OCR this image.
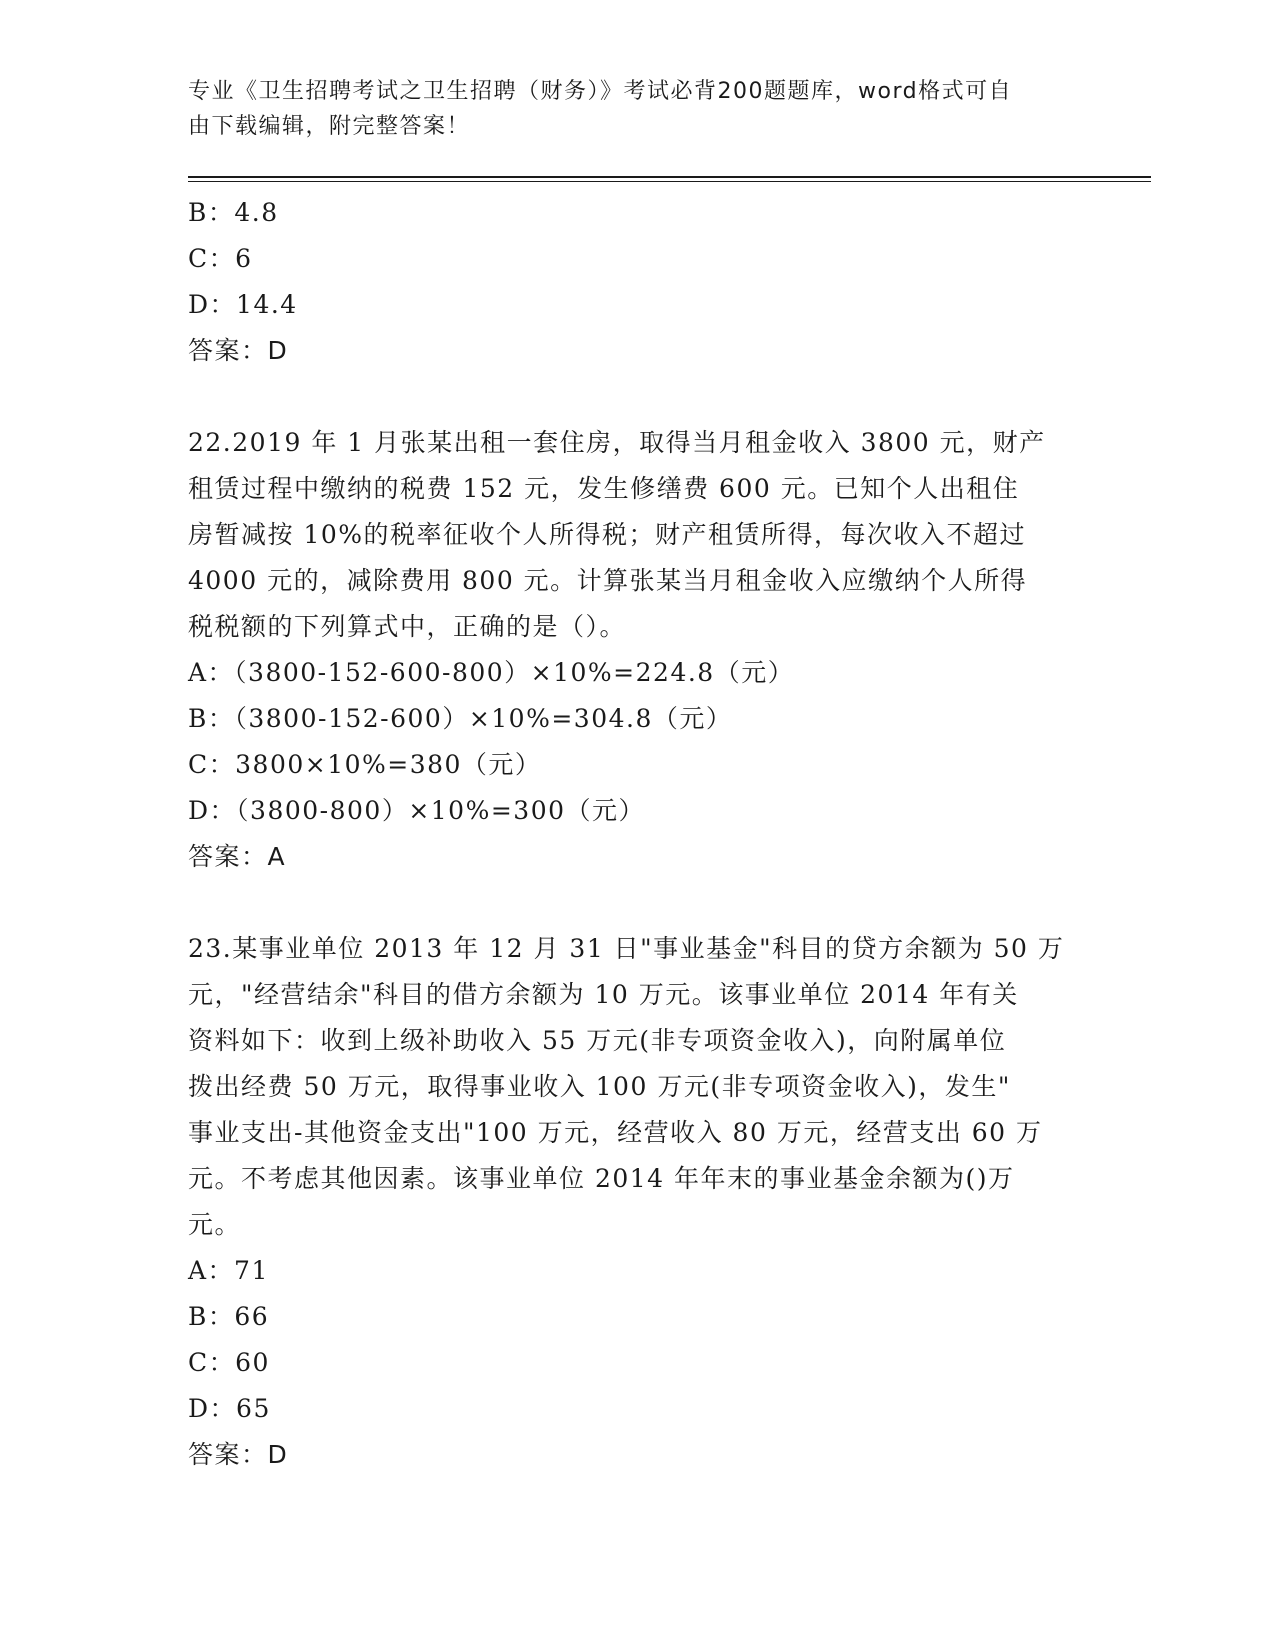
专业《卫生招聘考试之卫生招聘（财务）》考试必背200题题库，word格式可自
由下载编辑，附完整答案！
B：4.8
C：6
D：14.4
答案：D
22.2019 年 1 月张某出租一套住房，取得当月租金收入 3800 元，财产
租赁过程中缴纳的税费 152 元，发生修缮费 600 元。已知个人出租住
房暂减按 10%的税率征收个人所得税；财产租赁所得，每次收入不超过
4000 元的，减除费用 800 元。计算张某当月租金收入应缴纳个人所得
税税额的下列算式中，正确的是（）。
A：（3800-152-600-800）×10%=224.8（元）
B：（3800-152-600）×10%=304.8（元）
C：3800×10%=380（元）
D：（3800-800）×10%=300（元）
答案：A
23.某事业单位 2013 年 12 月 31 日"事业基金"科目的贷方余额为 50 万
元，"经营结余"科目的借方余额为 10 万元。该事业单位 2014 年有关
资料如下：收到上级补助收入 55 万元(非专项资金收入)，向附属单位
拨出经费 50 万元，取得事业收入 100 万元(非专项资金收入)，发生"
事业支出-其他资金支出"100 万元，经营收入 80 万元，经营支出 60 万
元。不考虑其他因素。该事业单位 2014 年年末的事业基金余额为()万
元。
A：71
B：66
C：60
D：65
答案：D
